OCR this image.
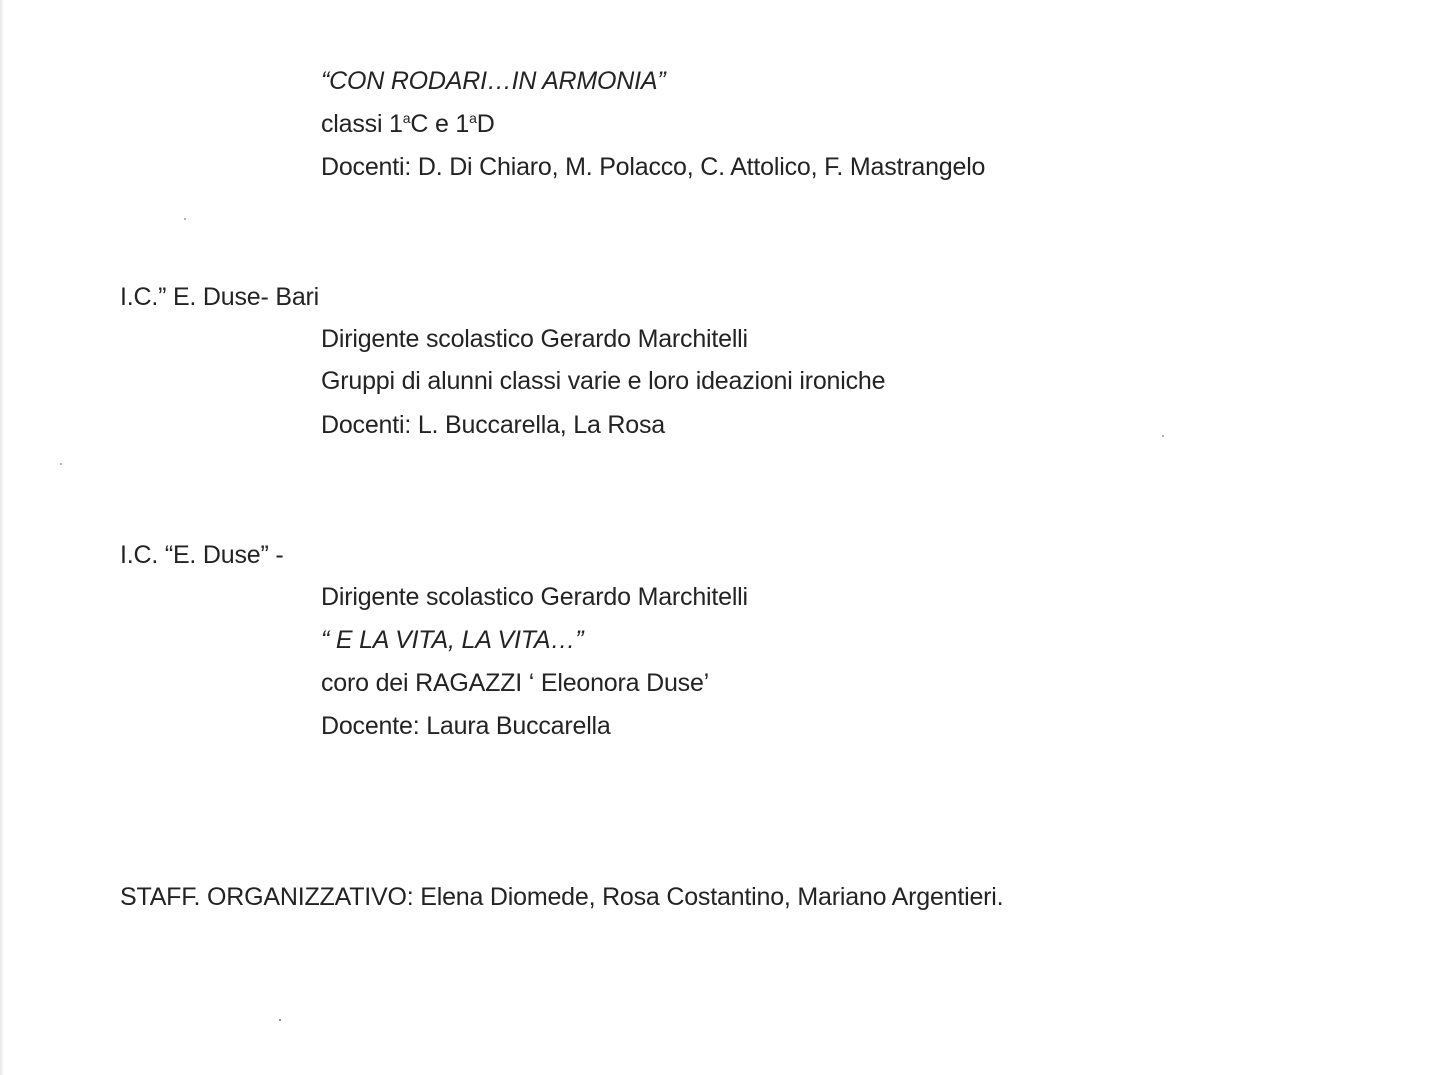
“CON RODARI…IN ARMONIA”
classi 1$^a$C e 1$^a$D
Docenti: D. Di Chiaro, M. Polacco, C. Attolico, F. Mastrangelo
I.C.” E. Duse- Bari
Dirigente scolastico Gerardo Marchitelli
Gruppi di alunni classi varie e loro ideazioni ironiche
Docenti: L. Buccarella, La Rosa
I.C. “E. Duse” -
Dirigente scolastico Gerardo Marchitelli
“ E LA VITA, LA VITA…”
coro dei RAGAZZI ‘ Eleonora Duse’
Docente: Laura Buccarella
STAFF. ORGANIZZATIVO: Elena Diomede, Rosa Costantino, Mariano Argentieri.
